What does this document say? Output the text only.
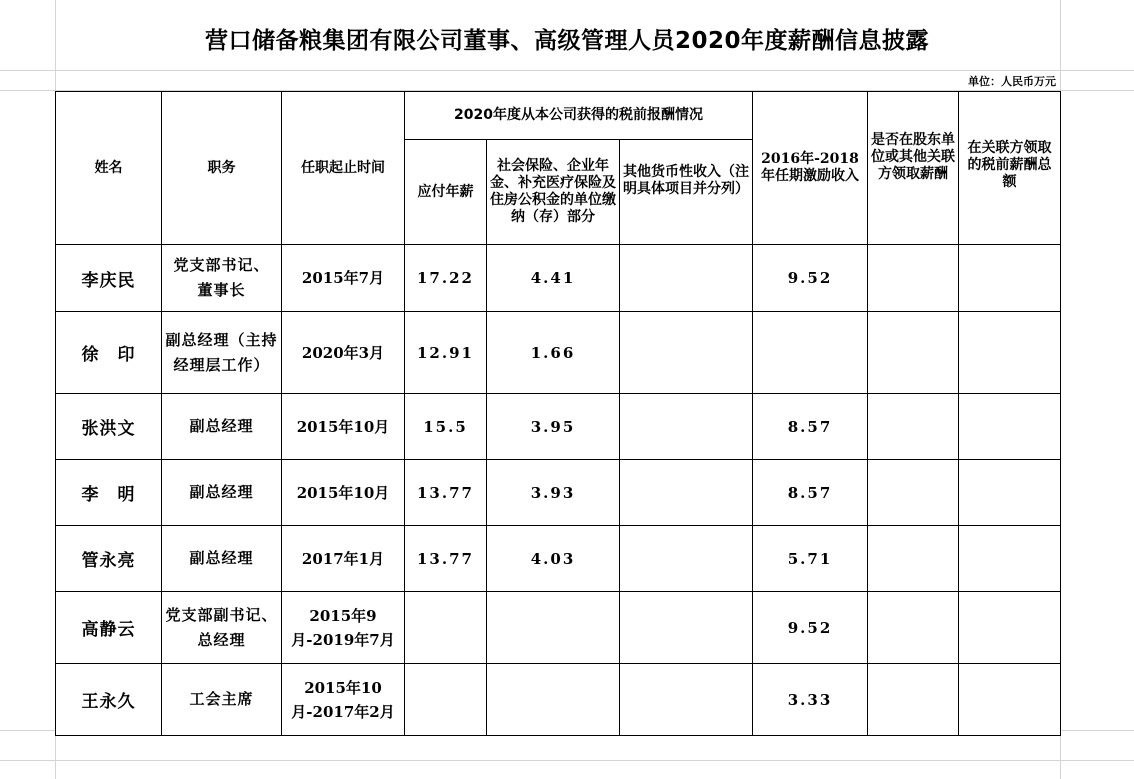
营口储备粮集团有限公司董事、高级管理人员2020年度薪酬信息披露
单位：人民币万元
姓名	职务	任职起止时间	2020年度从本公司获得的税前报酬情况			2016年-2018年任期激励收入	是否在股东单位或其他关联方领取薪酬	在关联方领取的税前薪酬总额
			应付年薪	社会保险、企业年金、补充医疗保险及住房公积金的单位缴纳（存）部分	其他货币性收入（注明具体项目并分列）			
李庆民	党支部书记、 董事长	2015年7月	17.22	4.41		9.52		
徐　印	副总经理（主持经理层工作）	2020年3月	12.91	1.66				
张洪文	副总经理	2015年10月	15.5	3.95		8.57		
李　明	副总经理	2015年10月	13.77	3.93		8.57		
管永亮	副总经理	2017年1月	13.77	4.03		5.71		
高静云	党支部副书记、总经理	2015年9月-2019年7月				9.52		
王永久	工会主席	2015年10月-2017年2月				3.33		
